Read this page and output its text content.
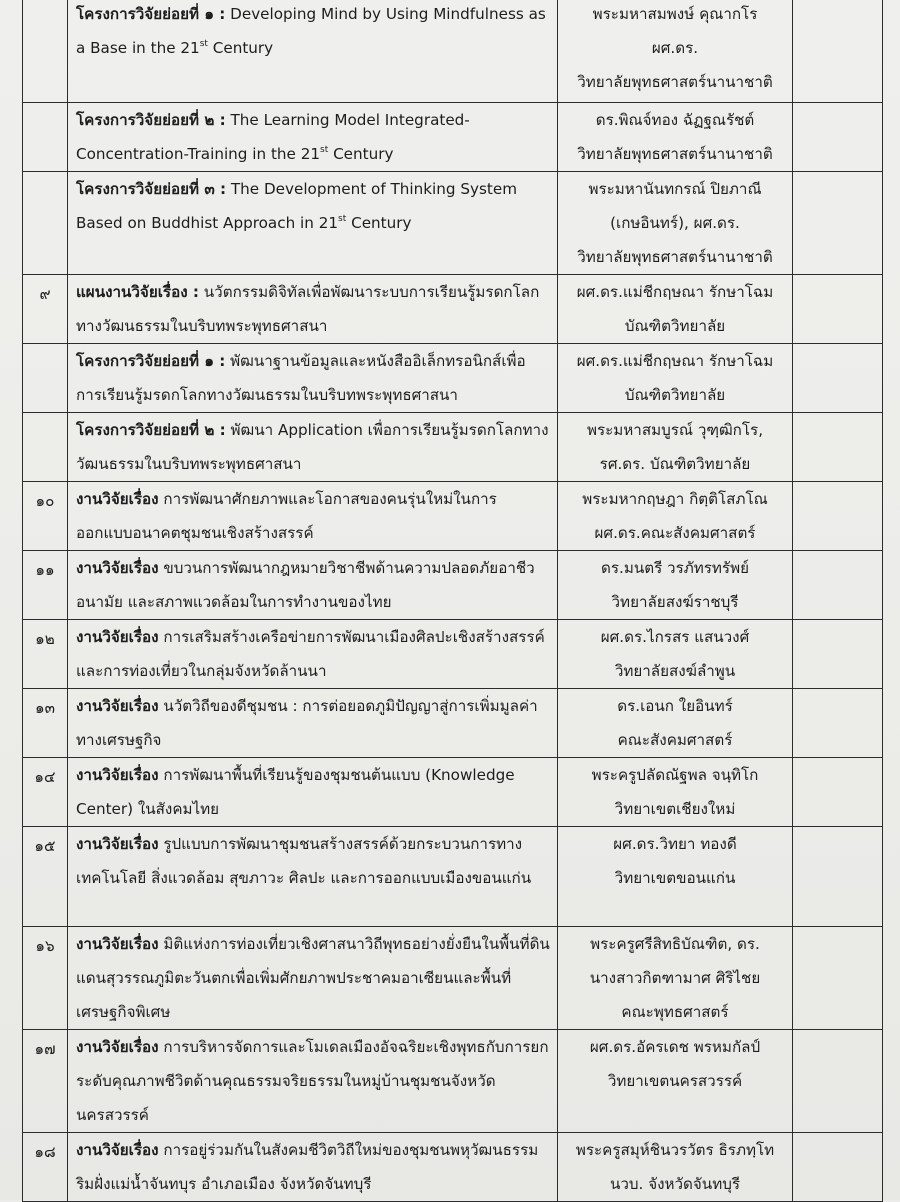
	โครงการวิจัยย่อยที่ ๑ : Developing Mind by Using Mindfulness as a Base in the 21st Century	พระมหาสมพงษ์ คุณากโร
ผศ.ดร.
วิทยาลัยพุทธศาสตร์นานาชาติ	

	โครงการวิจัยย่อยที่ ๒ : The Learning Model Integrated-Concentration-Training in the 21st Century	ดร.พิณจ์ทอง ฉัฏฐณรัชต์
วิทยาลัยพุทธศาสตร์นานาชาติ	

	โครงการวิจัยย่อยที่ ๓ : The Development of Thinking System Based on Buddhist Approach in 21st Century	พระมหานันทกรณ์ ปิยภาณี
(เกษอินทร์), ผศ.ดร.
วิทยาลัยพุทธศาสตร์นานาชาติ	

๙	แผนงานวิจัยเรื่อง : นวัตกรรมดิจิทัลเพื่อพัฒนาระบบการเรียนรู้มรดกโลกทางวัฒนธรรมในบริบทพระพุทธศาสนา	ผศ.ดร.แม่ชีกฤษณา รักษาโฉม
บัณฑิตวิทยาลัย	

	โครงการวิจัยย่อยที่ ๑ : พัฒนาฐานข้อมูลและหนังสืออิเล็กทรอนิกส์เพื่อการเรียนรู้มรดกโลกทางวัฒนธรรมในบริบทพระพุทธศาสนา	ผศ.ดร.แม่ชีกฤษณา รักษาโฉม
บัณฑิตวิทยาลัย	

	โครงการวิจัยย่อยที่ ๒ : พัฒนา Application เพื่อการเรียนรู้มรดกโลกทางวัฒนธรรมในบริบทพระพุทธศาสนา	พระมหาสมบูรณ์ วุฑฺฒิกโร,
รศ.ดร. บัณฑิตวิทยาลัย	

๑๐	งานวิจัยเรื่อง การพัฒนาศักยภาพและโอกาสของคนรุ่นใหม่ในการออกแบบอนาคตชุมชนเชิงสร้างสรรค์	พระมหากฤษฎา กิตฺติโสภโณ
ผศ.ดร.คณะสังคมศาสตร์	

๑๑	งานวิจัยเรื่อง ขบวนการพัฒนากฎหมายวิชาชีพด้านความปลอดภัยอาชีวอนามัย และสภาพแวดล้อมในการทำงานของไทย	ดร.มนตรี วรภัทรทรัพย์
วิทยาลัยสงฆ์ราชบุรี	

๑๒	งานวิจัยเรื่อง การเสริมสร้างเครือข่ายการพัฒนาเมืองศิลปะเชิงสร้างสรรค์และการท่องเที่ยวในกลุ่มจังหวัดล้านนา	ผศ.ดร.ไกรสร แสนวงศ์
วิทยาลัยสงฆ์ลำพูน	

๑๓	งานวิจัยเรื่อง นวัตวิถีของดีชุมชน : การต่อยอดภูมิปัญญาสู่การเพิ่มมูลค่าทางเศรษฐกิจ	ดร.เอนก ใยอินทร์
คณะสังคมศาสตร์	

๑๔	งานวิจัยเรื่อง การพัฒนาพื้นที่เรียนรู้ของชุมชนต้นแบบ (Knowledge Center) ในสังคมไทย	พระครูปลัดณัฐพล จนฺทิโก
วิทยาเขตเชียงใหม่	

๑๕	งานวิจัยเรื่อง รูปแบบการพัฒนาชุมชนสร้างสรรค์ด้วยกระบวนการทางเทคโนโลยี สิ่งแวดล้อม สุขภาวะ ศิลปะ และการออกแบบเมืองขอนแก่น	ผศ.ดร.วิทยา ทองดี
วิทยาเขตขอนแก่น	

๑๖	งานวิจัยเรื่อง มิติแห่งการท่องเที่ยวเชิงศาสนาวิถีพุทธอย่างยั่งยืนในพื้นที่ดินแดนสุวรรณภูมิตะวันตกเพื่อเพิ่มศักยภาพประชาคมอาเซียนและพื้นที่เศรษฐกิจพิเศษ	พระครูศรีสิทธิบัณฑิต, ดร.
นางสาวกิตฑามาศ ศิริไชย
คณะพุทธศาสตร์	

๑๗	งานวิจัยเรื่อง การบริหารจัดการและโมเดลเมืองอัจฉริยะเชิงพุทธกับการยกระดับคุณภาพชีวิตด้านคุณธรรมจริยธรรมในหมู่บ้านชุมชนจังหวัดนครสวรรค์	ผศ.ดร.อัครเดช พรหมกัลป์
วิทยาเขตนครสวรรค์	

๑๘	งานวิจัยเรื่อง การอยู่ร่วมกันในสังคมชีวิตวิถีใหม่ของชุมชนพหุวัฒนธรรมริมฝั่งแม่น้ำจันทบุร อำเภอเมือง จังหวัดจันทบุรี	พระครูสมุห์ชินวรวัตร ธิรภทฺโท
นวบ. จังหวัดจันทบุรี	
